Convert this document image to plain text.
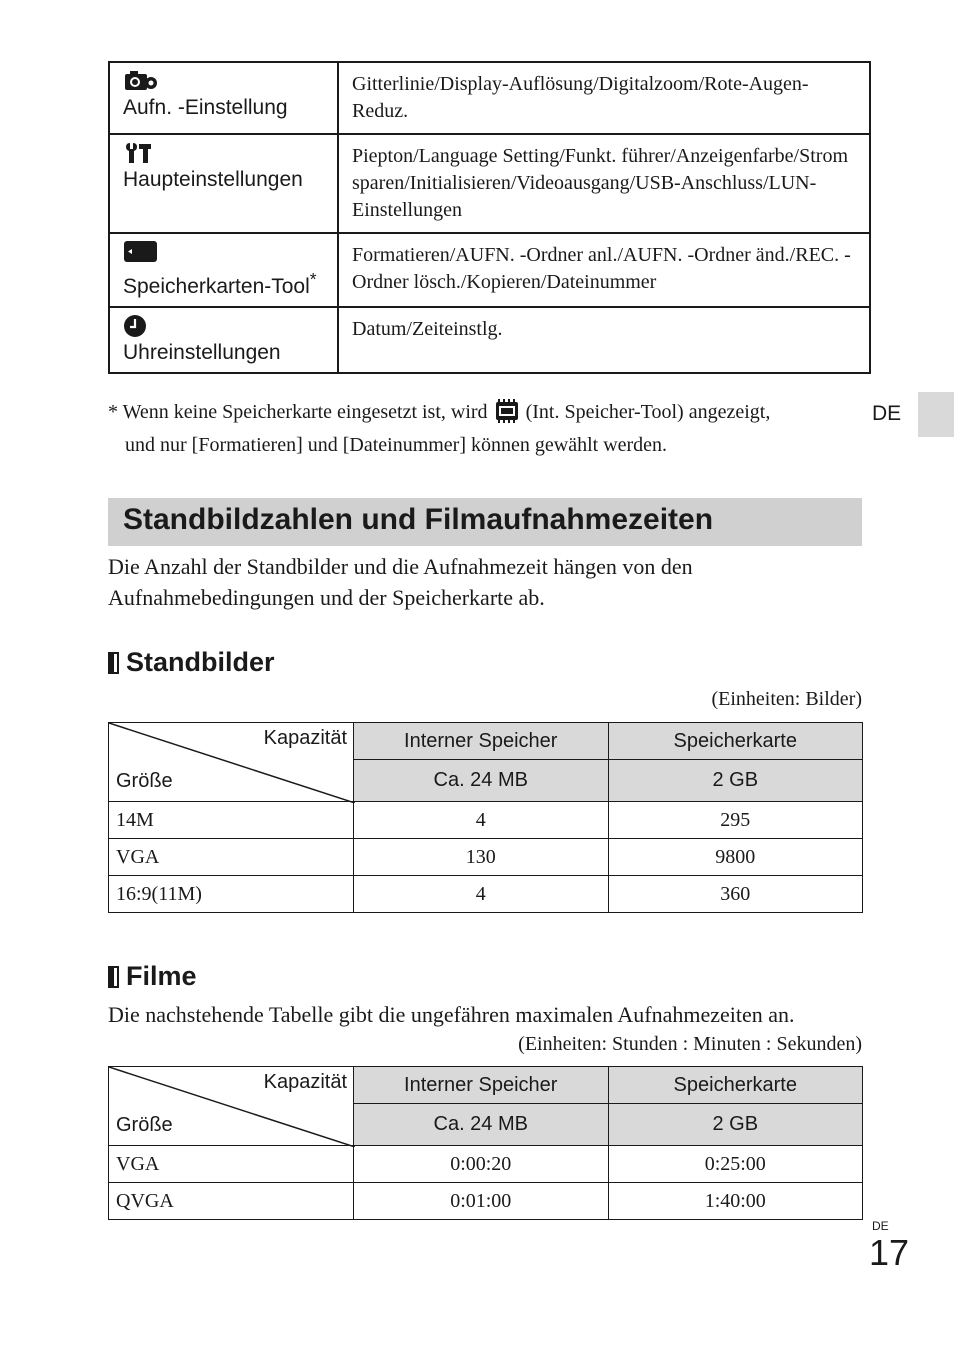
Aufn. -Einstellung	Gitterlinie/Display-Auflösung/Digitalzoom/Rote-Augen-Reduz.

Haupteinstellungen	Piepton/Language Setting/Funkt. führer/Anzeigenfarbe/Strom sparen/Initialisieren/Videoausgang/USB-Anschluss/LUN-Einstellungen

Speicherkarten-Tool*	Formatieren/AUFN. -Ordner anl./AUFN. -Ordner änd./REC. -Ordner lösch./Kopieren/Dateinummer

Uhreinstellungen	Datum/Zeiteinstlg.
* Wenn keine Speicherkarte eingesetzt ist, wird (Int. Speicher-Tool) angezeigt,
und nur [Formatieren] und [Dateinummer] können gewählt werden.
DE
Standbildzahlen und Filmaufnahmezeiten
Die Anzahl der Standbilder und die Aufnahmezeit hängen von den Aufnahmebedingungen und der Speicherkarte ab.
Standbilder
(Einheiten: Bilder)
Kapazität
Größe	Interner Speicher	Speicherkarte
	Ca. 24 MB	2 GB
14M	4	295
VGA	130	9800
16:9(11M)	4	360
Filme
Die nachstehende Tabelle gibt die ungefähren maximalen Aufnahmezeiten an.
(Einheiten: Stunden : Minuten : Sekunden)
Kapazität
Größe	Interner Speicher	Speicherkarte
	Ca. 24 MB	2 GB
VGA	0:00:20	0:25:00
QVGA	0:01:00	1:40:00
DE
17
